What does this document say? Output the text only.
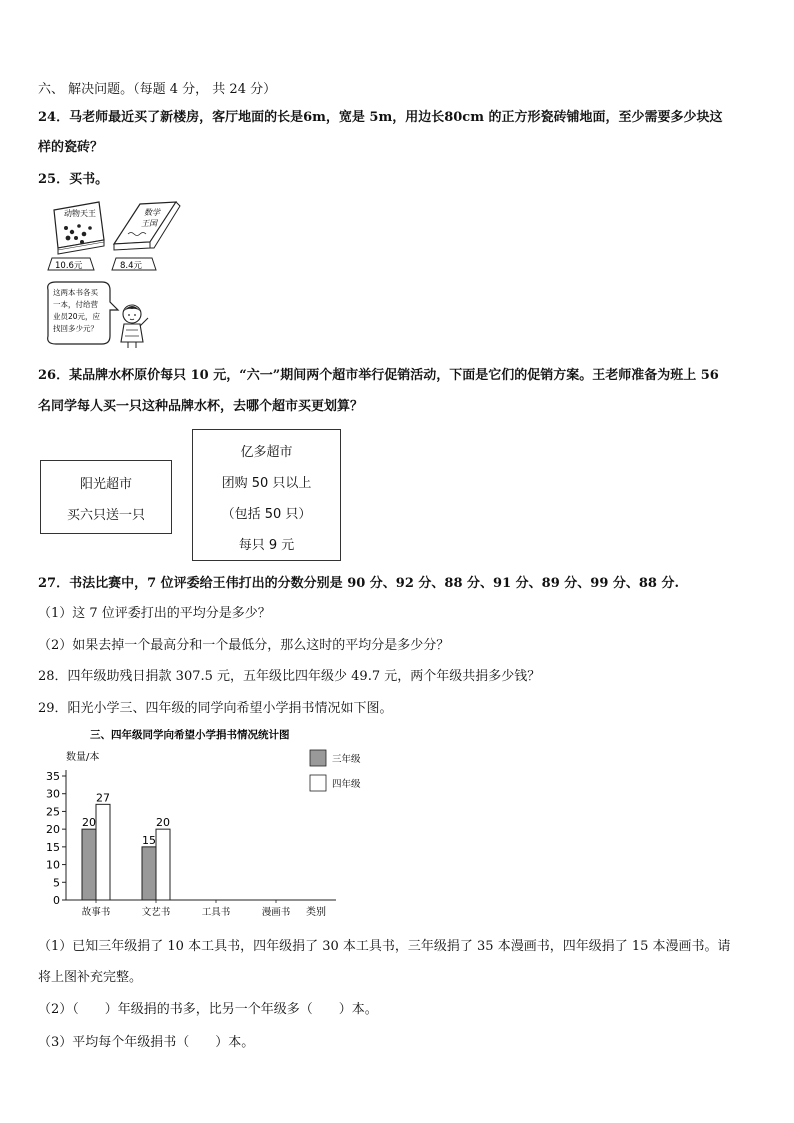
六、 解决问题。（每题 4 分， 共 24 分）
24．马老师最近买了新楼房，客厅地面的长是6m，宽是 5m，用边长80cm 的正方形瓷砖铺地面，至少需要多少块这
样的瓷砖？
25．买书。
动物天王	数学
王国
10.6元	8.4元
这两本书各买
一本，付给营
业员20元，应
找回多少元？
26．某品牌水杯原价每只 10 元，“六一”期间两个超市举行促销活动，下面是它们的促销方案。王老师准备为班上 56
名同学每人买一只这种品牌水杯，去哪个超市买更划算？
阳光超市
买六只送一只
亿多超市
团购 50 只以上
（包括 50 只）
每只 9 元
27．书法比赛中，7 位评委给王伟打出的分数分别是 90 分、92 分、88 分、91 分、89 分、99 分、88 分.
（1）这 7 位评委打出的平均分是多少？
（2）如果去掉一个最高分和一个最低分，那么这时的平均分是多少分？
28．四年级助残日捐款 307.5 元，五年级比四年级少 49.7 元，两个年级共捐多少钱？
29．阳光小学三、四年级的同学向希望小学捐书情况如下图。
三、四年级同学向希望小学捐书情况统计图
数量/本
类别
0
5
10
15
20
25
30
35
故事书	文艺书	工具书	漫画书
20
27
15
20
三年级
四年级
（1）已知三年级捐了 10 本工具书，四年级捐了 30 本工具书，三年级捐了 35 本漫画书，四年级捐了 15 本漫画书。请
将上图补充完整。
（2）（　　）年级捐的书多，比另一个年级多（　　）本。
（3）平均每个年级捐书（　　）本。
